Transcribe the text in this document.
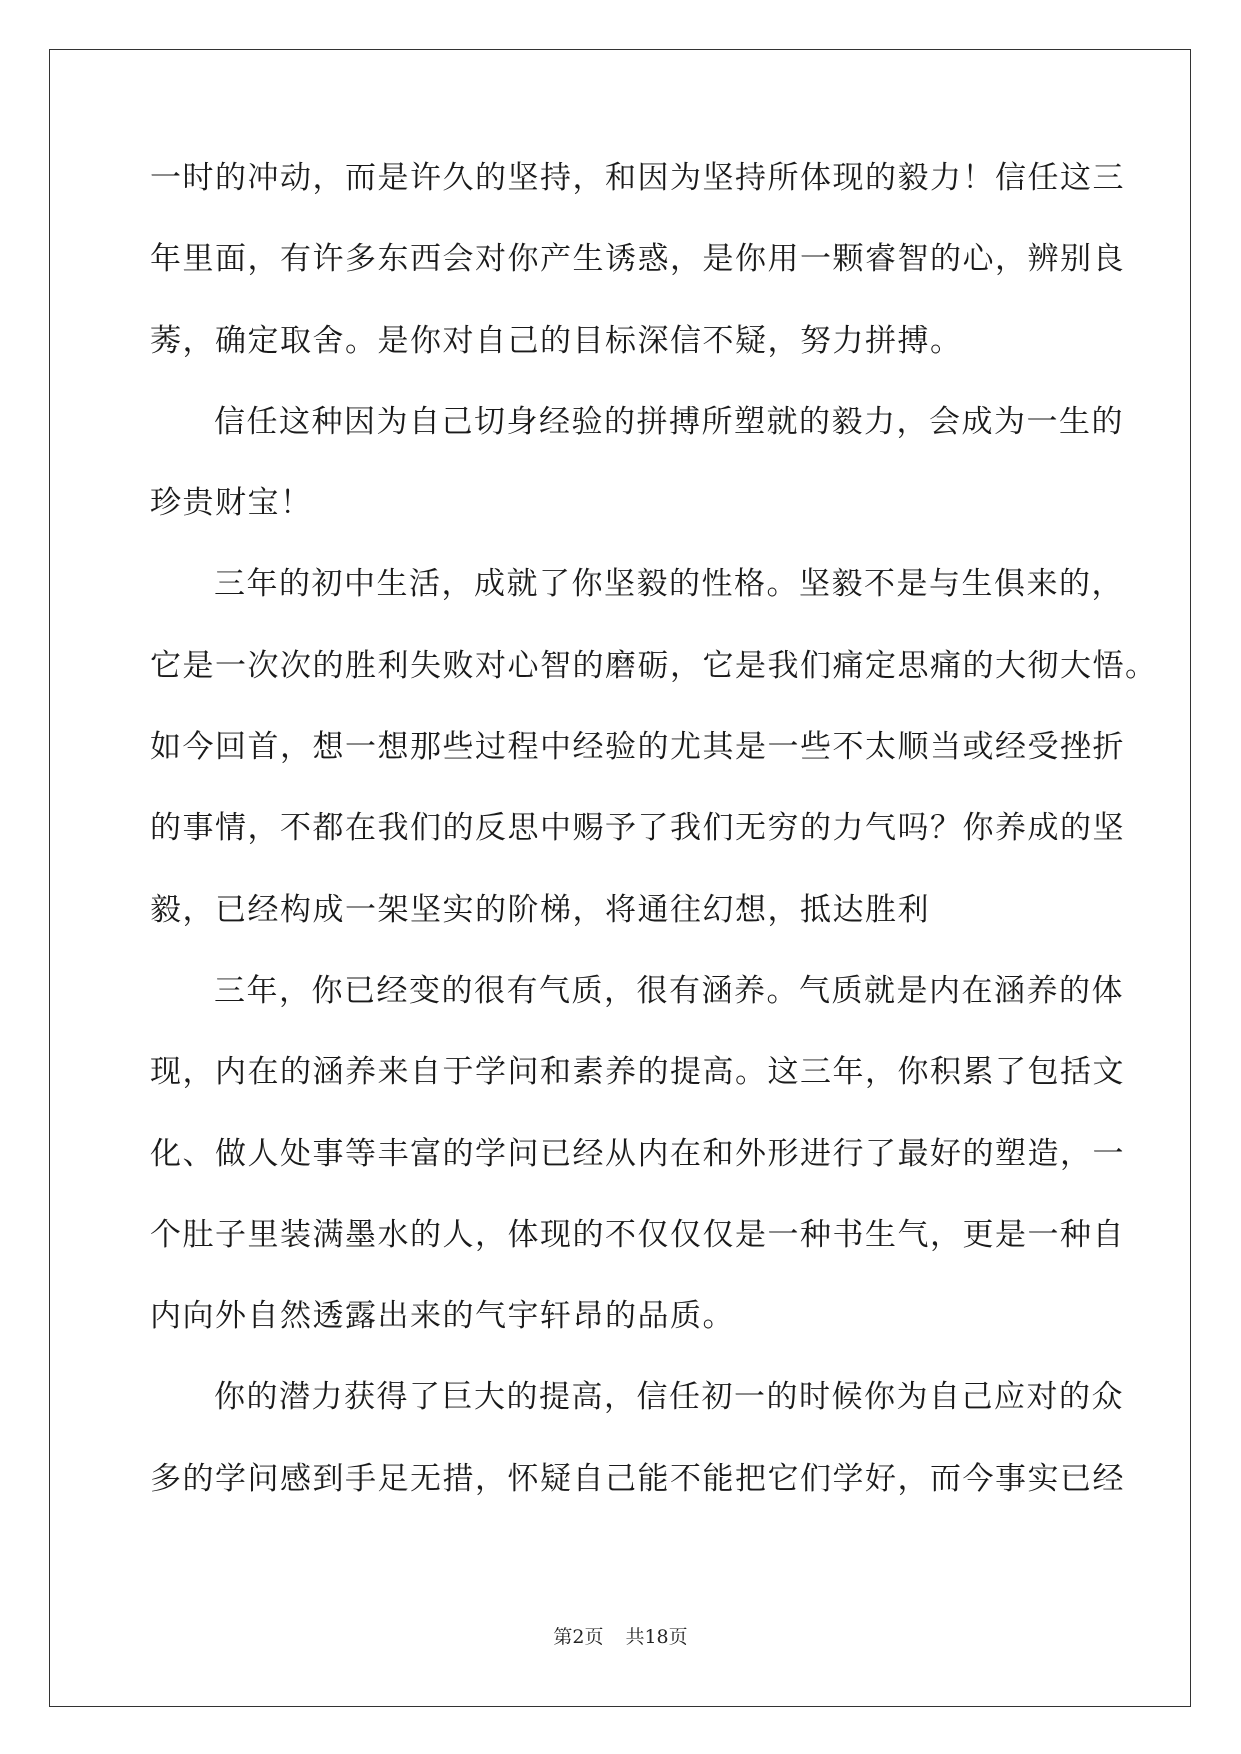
一时的冲动，而是许久的坚持，和因为坚持所体现的毅力！信任这三
年里面，有许多东西会对你产生诱惑，是你用一颗睿智的心，辨别良
莠，确定取舍。是你对自己的目标深信不疑，努力拼搏。
信任这种因为自己切身经验的拼搏所塑就的毅力，会成为一生的
珍贵财宝！
三年的初中生活，成就了你坚毅的性格。坚毅不是与生俱来的，
它是一次次的胜利失败对心智的磨砺，它是我们痛定思痛的大彻大悟。
如今回首，想一想那些过程中经验的尤其是一些不太顺当或经受挫折
的事情，不都在我们的反思中赐予了我们无穷的力气吗？你养成的坚
毅，已经构成一架坚实的阶梯，将通往幻想，抵达胜利
三年，你已经变的很有气质，很有涵养。气质就是内在涵养的体
现，内在的涵养来自于学问和素养的提高。这三年，你积累了包括文
化、做人处事等丰富的学问已经从内在和外形进行了最好的塑造，一
个肚子里装满墨水的人，体现的不仅仅仅是一种书生气，更是一种自
内向外自然透露出来的气宇轩昂的品质。
你的潜力获得了巨大的提高，信任初一的时候你为自己应对的众
多的学问感到手足无措，怀疑自己能不能把它们学好，而今事实已经
第2页 共18页
